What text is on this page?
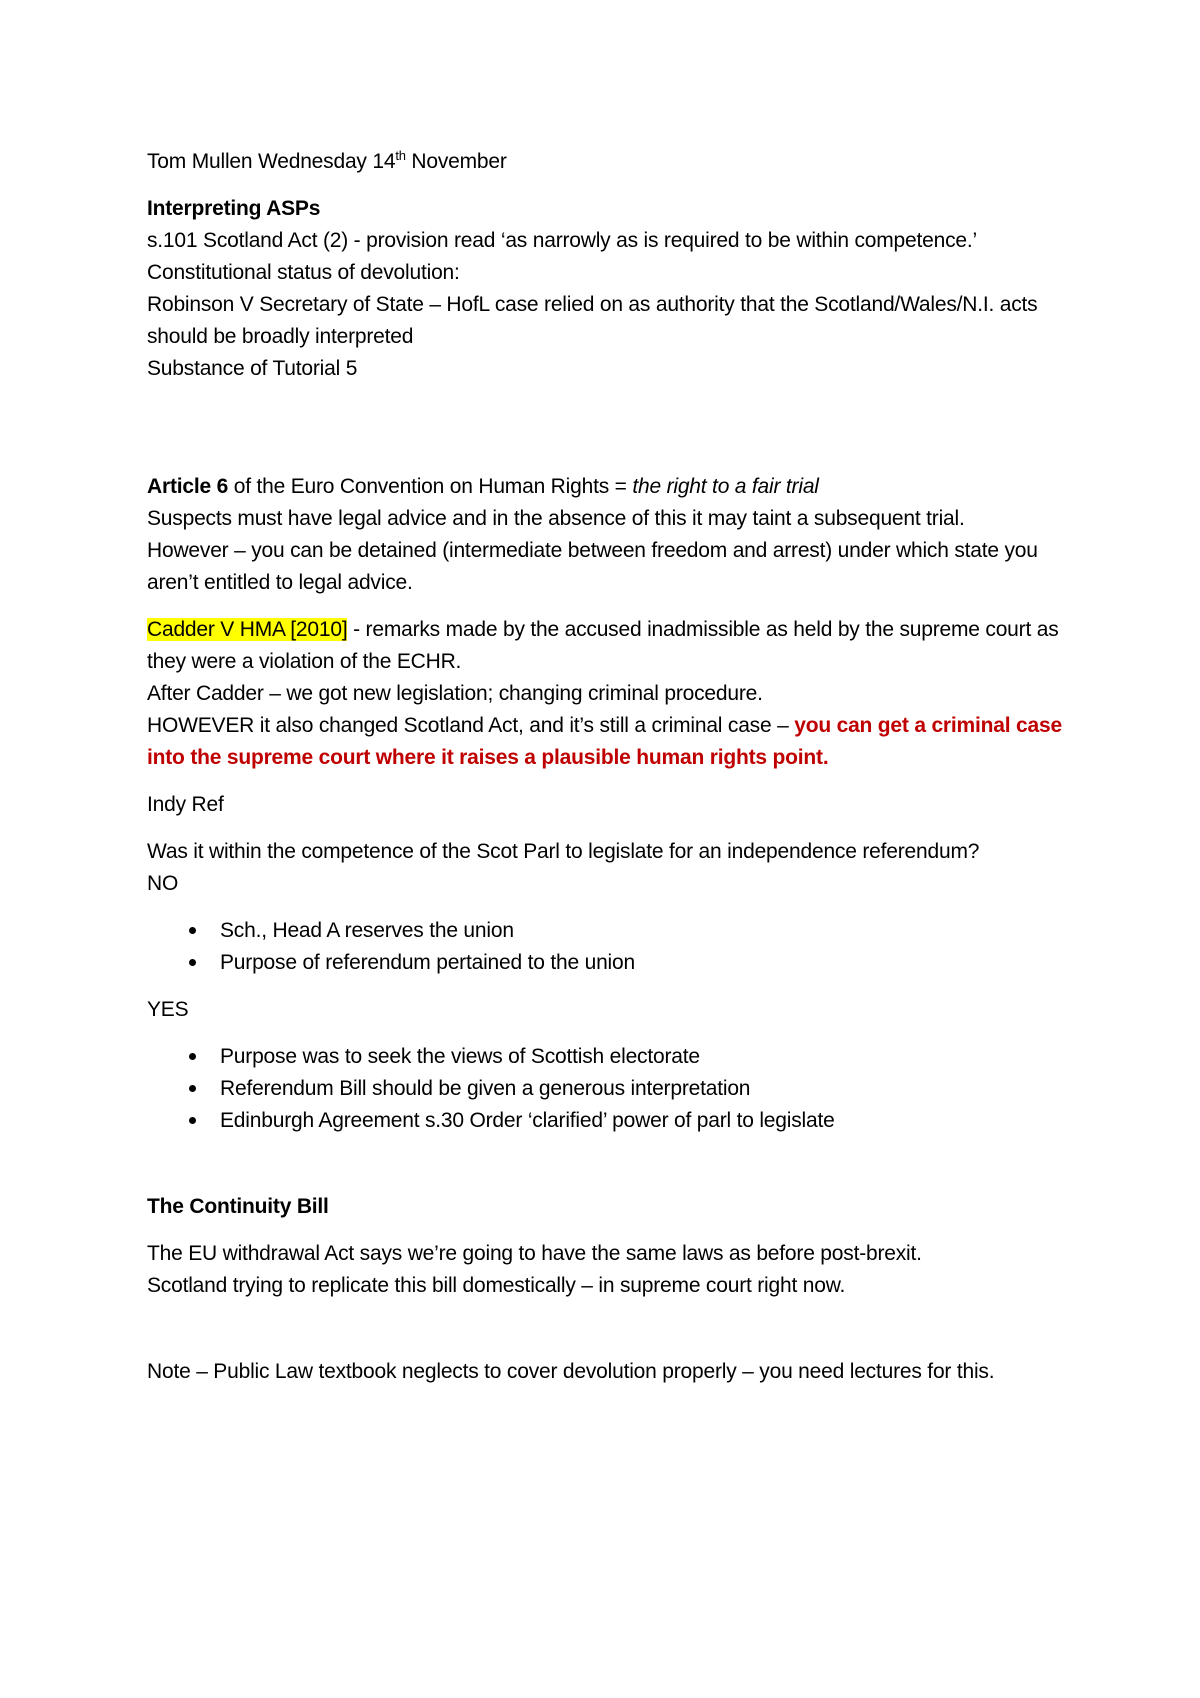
Tom Mullen Wednesday 14th November

Interpreting ASPs

s.101 Scotland Act (2) - provision read ‘as narrowly as is required to be within competence.’

Constitutional status of devolution:

Robinson V Secretary of State – HofL case relied on as authority that the Scotland/Wales/N.I. acts should be broadly interpreted

Substance of Tutorial 5

Article 6 of the Euro Convention on Human Rights = the right to a fair trial

Suspects must have legal advice and in the absence of this it may taint a subsequent trial.

However – you can be detained (intermediate between freedom and arrest) under which state you aren’t entitled to legal advice.

Cadder V HMA [2010] - remarks made by the accused inadmissible as held by the supreme court as they were a violation of the ECHR.

After Cadder – we got new legislation; changing criminal procedure.

HOWEVER it also changed Scotland Act, and it’s still a criminal case – you can get a criminal case into the supreme court where it raises a plausible human rights point.

Indy Ref

Was it within the competence of the Scot Parl to legislate for an independence referendum?

NO

Sch., Head A reserves the union
Purpose of referendum pertained to the union

YES

Purpose was to seek the views of Scottish electorate
Referendum Bill should be given a generous interpretation
Edinburgh Agreement s.30 Order ‘clarified’ power of parl to legislate

The Continuity Bill

The EU withdrawal Act says we’re going to have the same laws as before post-brexit.

Scotland trying to replicate this bill domestically – in supreme court right now.

Note – Public Law textbook neglects to cover devolution properly – you need lectures for this.
